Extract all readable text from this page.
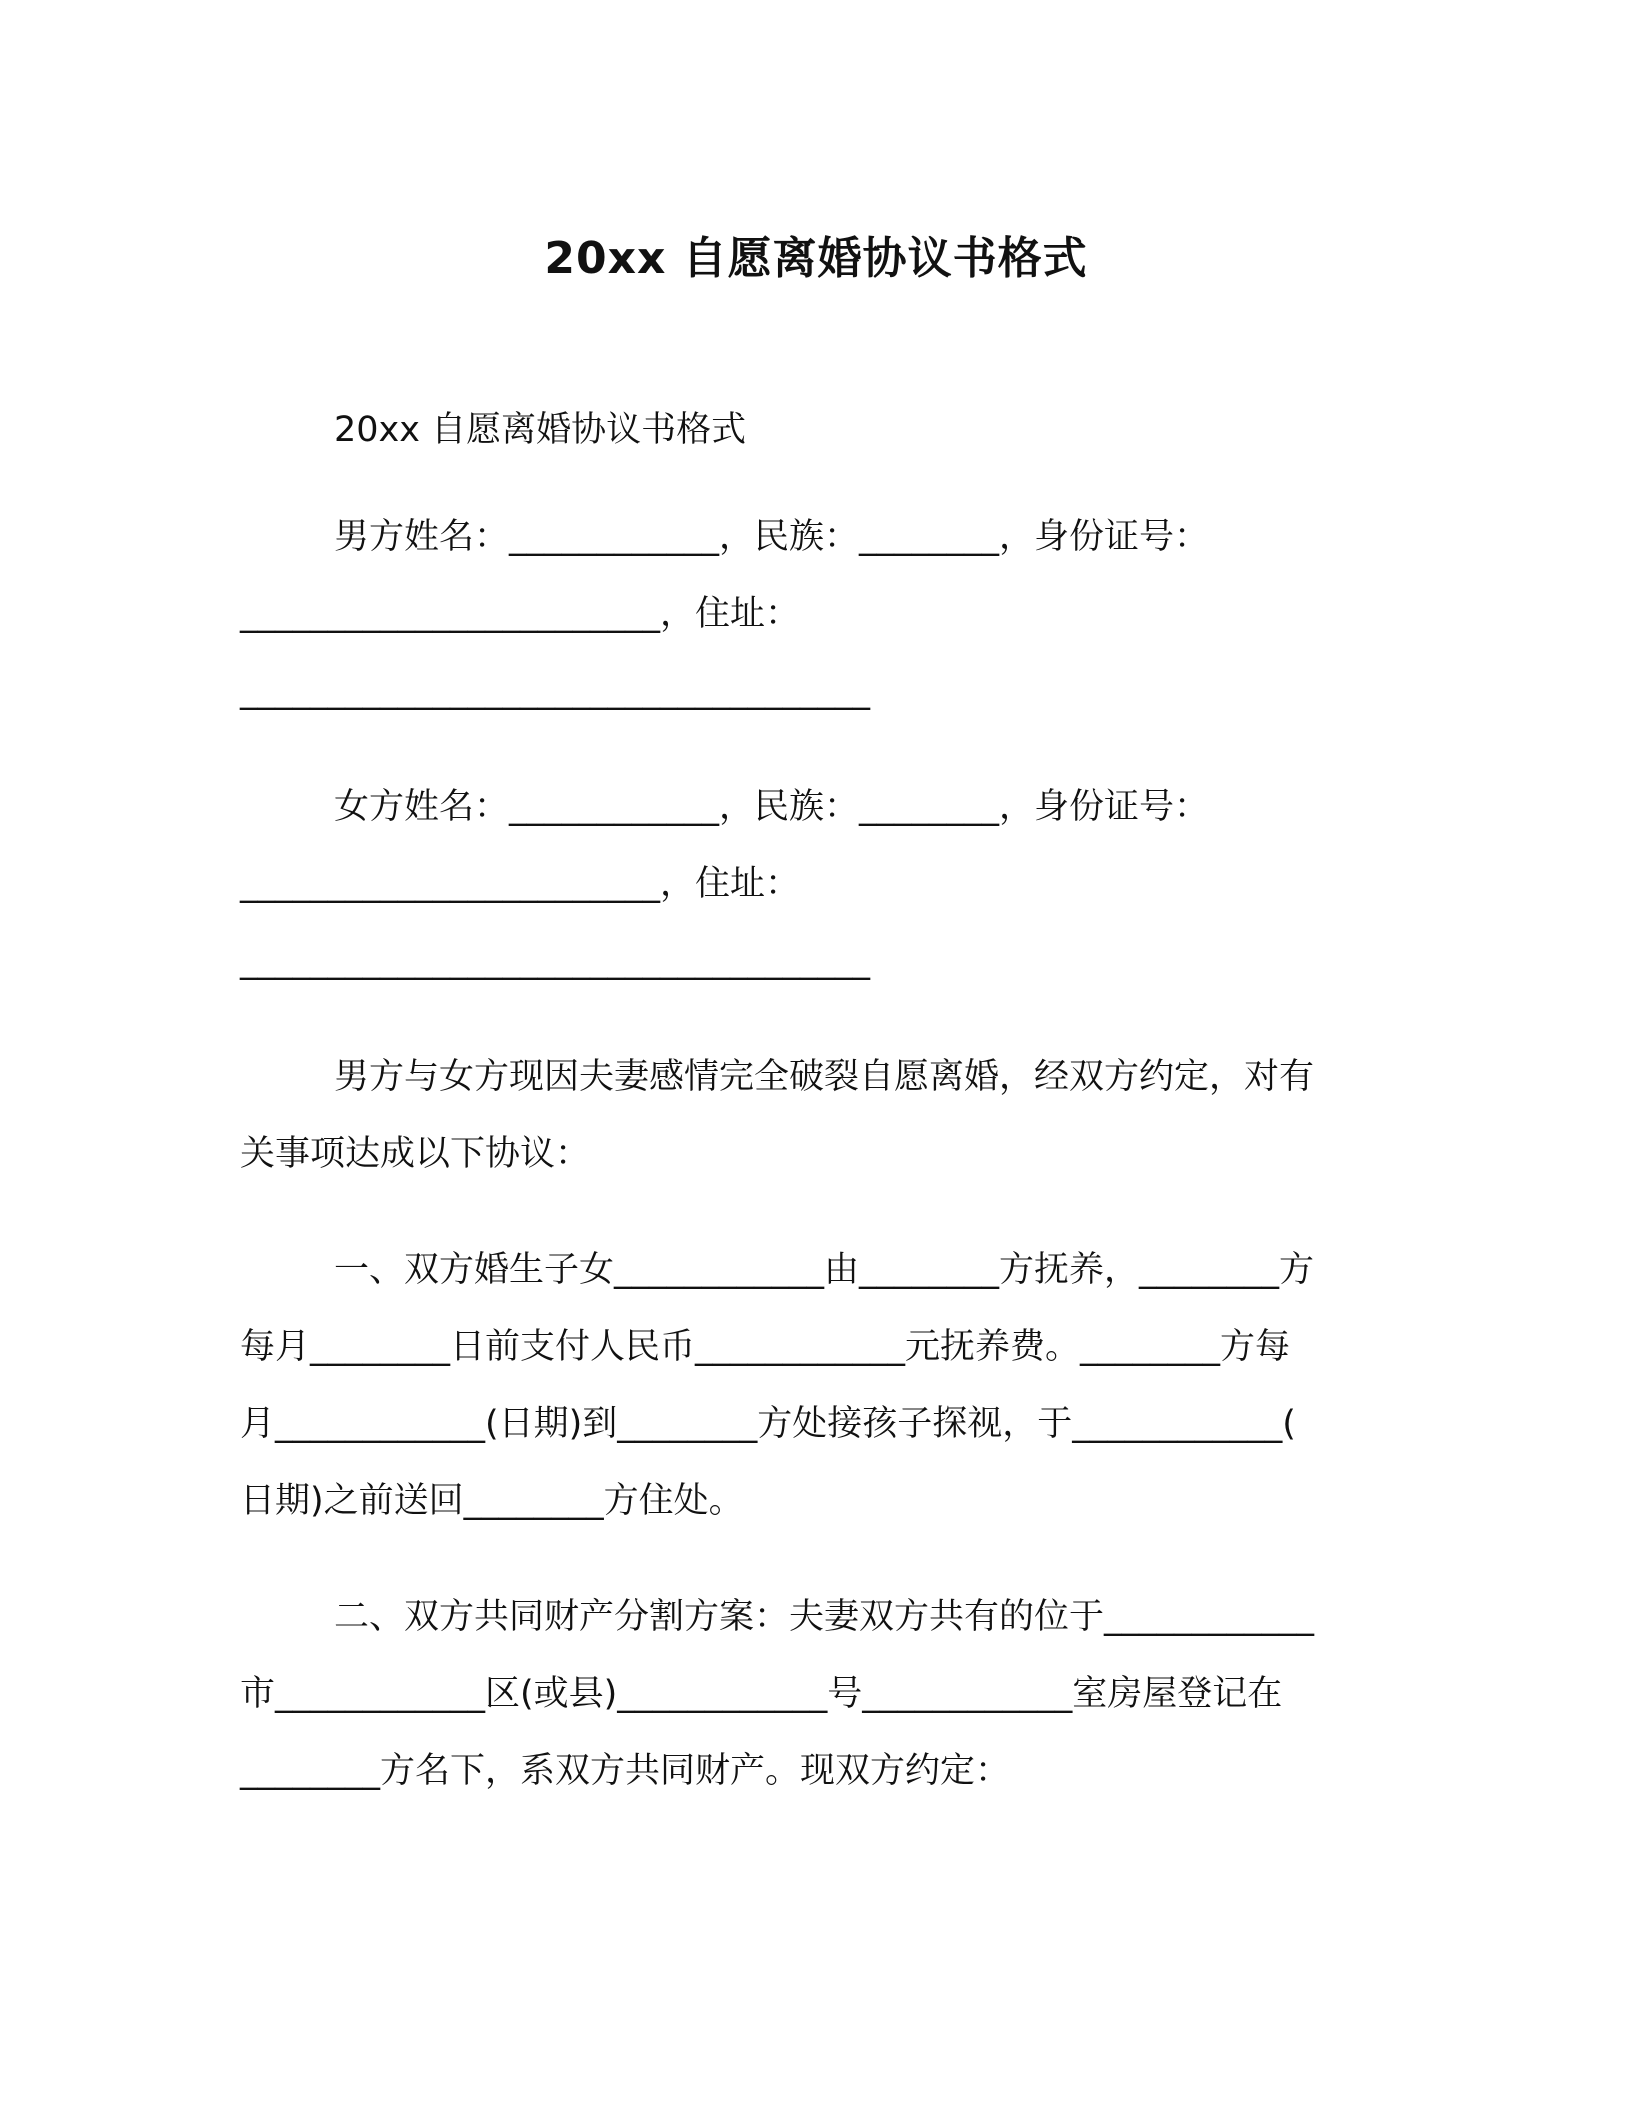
20xx 自愿离婚协议书格式

20xx 自愿离婚协议书格式

男方姓名：____________，民族：________，身份证号：
________________________，住址：
____________________________________

女方姓名：____________，民族：________，身份证号：
________________________，住址：
____________________________________

男方与女方现因夫妻感情完全破裂自愿离婚，经双方约定，对有
关事项达成以下协议：

一、双方婚生子女____________由________方抚养，________方
每月________日前支付人民币____________元抚养费。________方每
月____________(日期)到________方处接孩子探视，于____________(
日期)之前送回________方住处。

二、双方共同财产分割方案：夫妻双方共有的位于____________
市____________区(或县)____________号____________室房屋登记在
________方名下，系双方共同财产。现双方约定：
